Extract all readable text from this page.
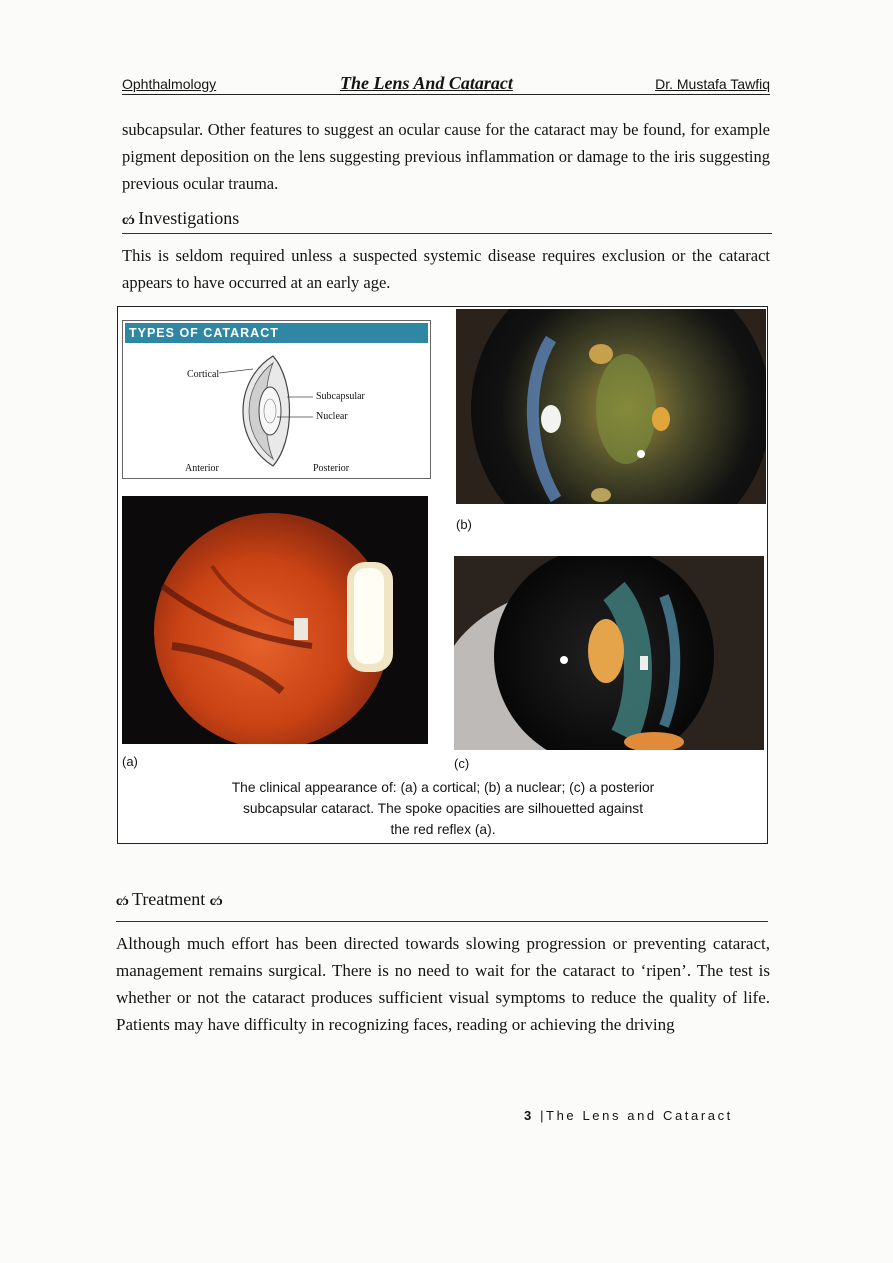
Ophthalmology	The Lens And Cataract	Dr. Mustafa Tawfiq
subcapsular. Other features to suggest an ocular cause for the cataract may be found, for example pigment deposition on the lens suggesting previous inflammation or damage to the iris suggesting previous ocular trauma.
c∕ɔ Investigations
This is seldom required unless a suspected systemic disease requires exclusion or the cataract appears to have occurred at an early age.
TYPES OF CATARACT
Cortical
Subcapsular
Nuclear
Anterior	Posterior
(b)
(a)	(c)
The clinical appearance of: (a) a cortical; (b) a nuclear; (c) a posterior
subcapsular cataract. The spoke opacities are silhouetted against
the red reflex (a).
c∕ɔ Treatment c∕ɔ
Although much effort has been directed towards slowing progression or preventing cataract, management remains surgical. There is no need to wait for the cataract to ‘ripen’. The test is whether or not the cataract produces sufficient visual symptoms to reduce the quality of life. Patients may have difficulty in recognizing faces, reading or achieving the driving
3 |The Lens and Cataract
